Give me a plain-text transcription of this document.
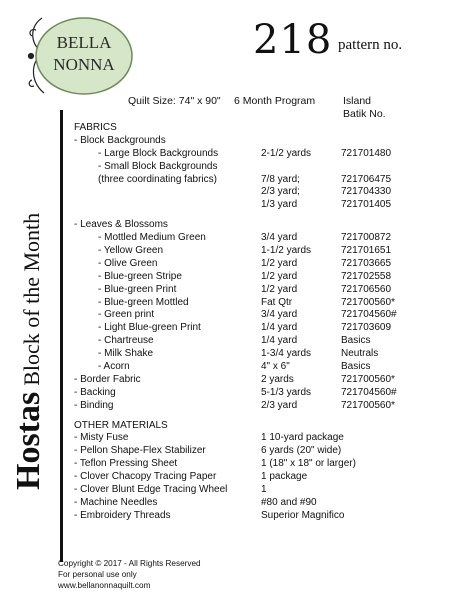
BELLA
NONNA
218 pattern no.
HostasBlock of the Month
Quilt Size: 74" x 90" 6 Month Program	Island
Batik No.
FABRICS
- Block Backgrounds
- Large Block Backgrounds	2-1/2 yards	721701480
- Small Block Backgrounds
(three coordinating fabrics)	7/8 yard;	721706475
2/3 yard;	721704330
1/3 yard	721701405
- Leaves & Blossoms
- Mottled Medium Green	3/4 yard	721700872
- Yellow Green	1-1/2 yards	721701651
- Olive Green	1/2 yard	721703665
- Blue-green Stripe	1/2 yard	721702558
- Blue-green Print	1/2 yard	721706560
- Blue-green Mottled	Fat Qtr	721700560*
- Green print	3/4 yard	721704560#
- Light Blue-green Print	1/4 yard	721703609
- Chartreuse	1/4 yard	Basics
- Milk Shake	1-3/4 yards	Neutrals
- Acorn	4" x 6"	Basics
- Border Fabric	2 yards	721700560*
- Backing	5-1/3 yards	721704560#
- Binding	2/3 yard	721700560*
OTHER MATERIALS
- Misty Fuse	1 10-yard package
- Pellon Shape-Flex Stabilizer	6 yards (20" wide)
- Teflon Pressing Sheet	1 (18" x 18" or larger)
- Clover Chacopy Tracing Paper	1 package
- Clover Blunt Edge Tracing Wheel	1
- Machine Needles	#80 and #90
- Embroidery Threads	Superior Magnifico
Copyright © 2017 - All Rights Reserved
For personal use only
www.bellanonnaquilt.com
